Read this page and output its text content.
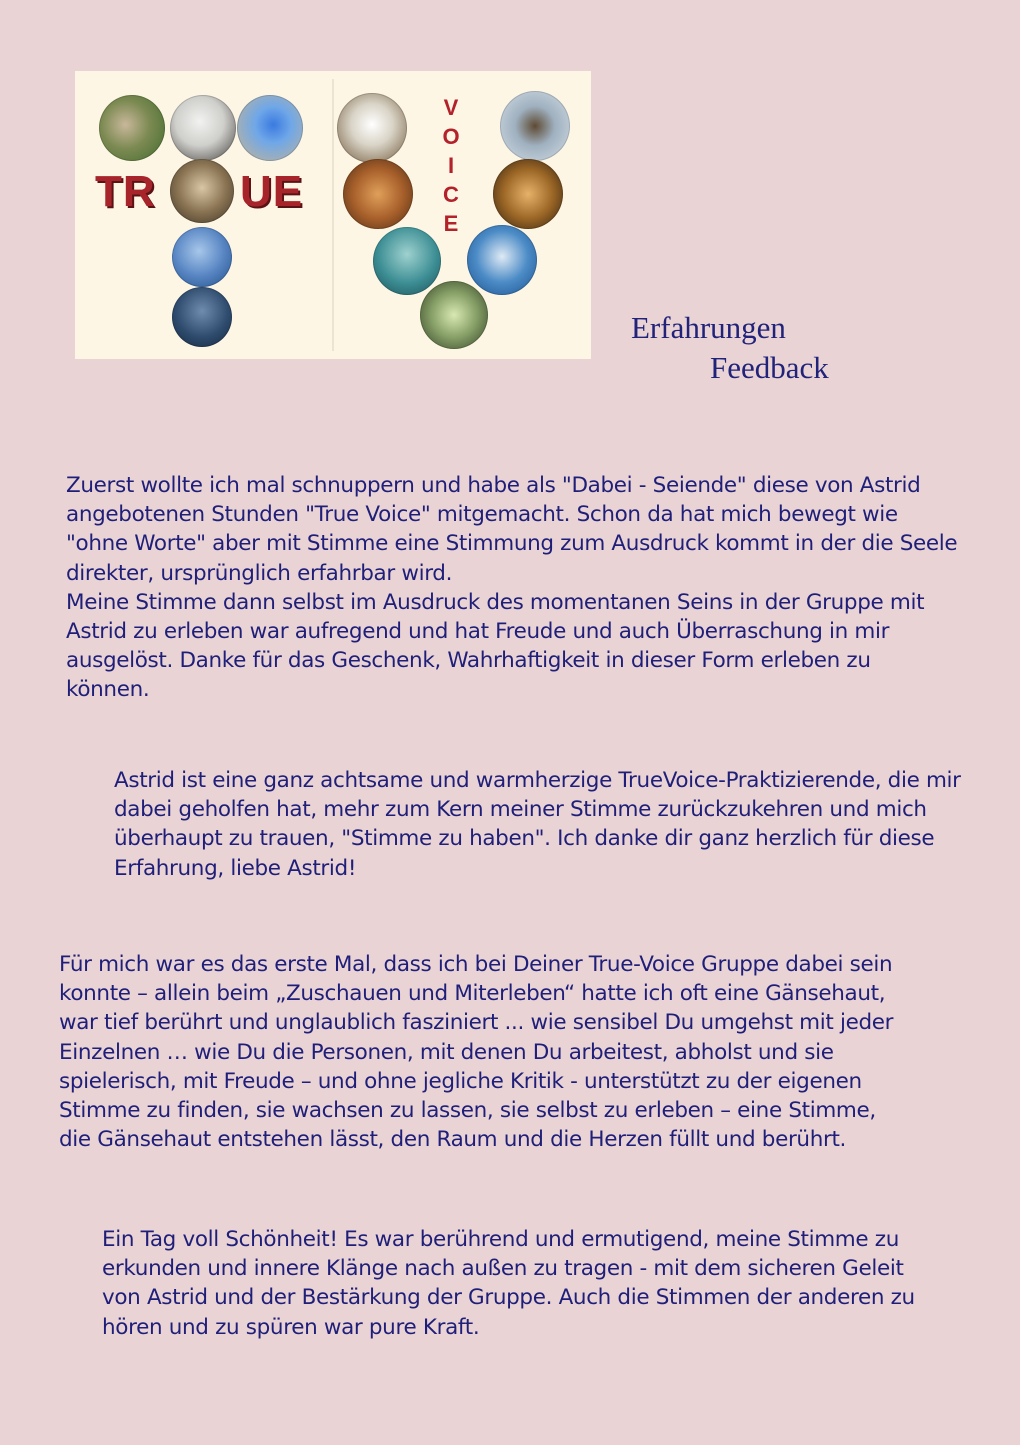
TR UE
V
O
I
C
E
Erfahrungen
Feedback

Zuerst wollte ich mal schnuppern und habe als "Dabei - Seiende" diese von Astrid

angebotenen Stunden "True Voice" mitgemacht. Schon da hat mich bewegt wie

"ohne Worte" aber mit Stimme eine Stimmung zum Ausdruck kommt in der die Seele

direkter, ursprünglich erfahrbar wird.

Meine Stimme dann selbst im Ausdruck des momentanen Seins in der Gruppe mit

Astrid zu erleben war aufregend und hat Freude und auch Überraschung in mir

ausgelöst. Danke für das Geschenk, Wahrhaftigkeit in dieser Form erleben zu

können.

Astrid ist eine ganz achtsame und warmherzige TrueVoice-Praktizierende, die mir

dabei geholfen hat, mehr zum Kern meiner Stimme zurückzukehren und mich

überhaupt zu trauen, "Stimme zu haben". Ich danke dir ganz herzlich für diese

Erfahrung, liebe Astrid!

Für mich war es das erste Mal, dass ich bei Deiner True-Voice Gruppe dabei sein

konnte – allein beim „Zuschauen und Miterleben“ hatte ich oft eine Gänsehaut,

war tief berührt und unglaublich fasziniert ... wie sensibel Du umgehst mit jeder

Einzelnen … wie Du die Personen, mit denen Du arbeitest, abholst und sie

spielerisch, mit Freude – und ohne jegliche Kritik - unterstützt zu der eigenen

Stimme zu finden, sie wachsen zu lassen, sie selbst zu erleben – eine Stimme,

die Gänsehaut entstehen lässt, den Raum und die Herzen füllt und berührt.

Ein Tag voll Schönheit! Es war berührend und ermutigend, meine Stimme zu

erkunden und innere Klänge nach außen zu tragen - mit dem sicheren Geleit

von Astrid und der Bestärkung der Gruppe. Auch die Stimmen der anderen zu

hören und zu spüren war pure Kraft.
